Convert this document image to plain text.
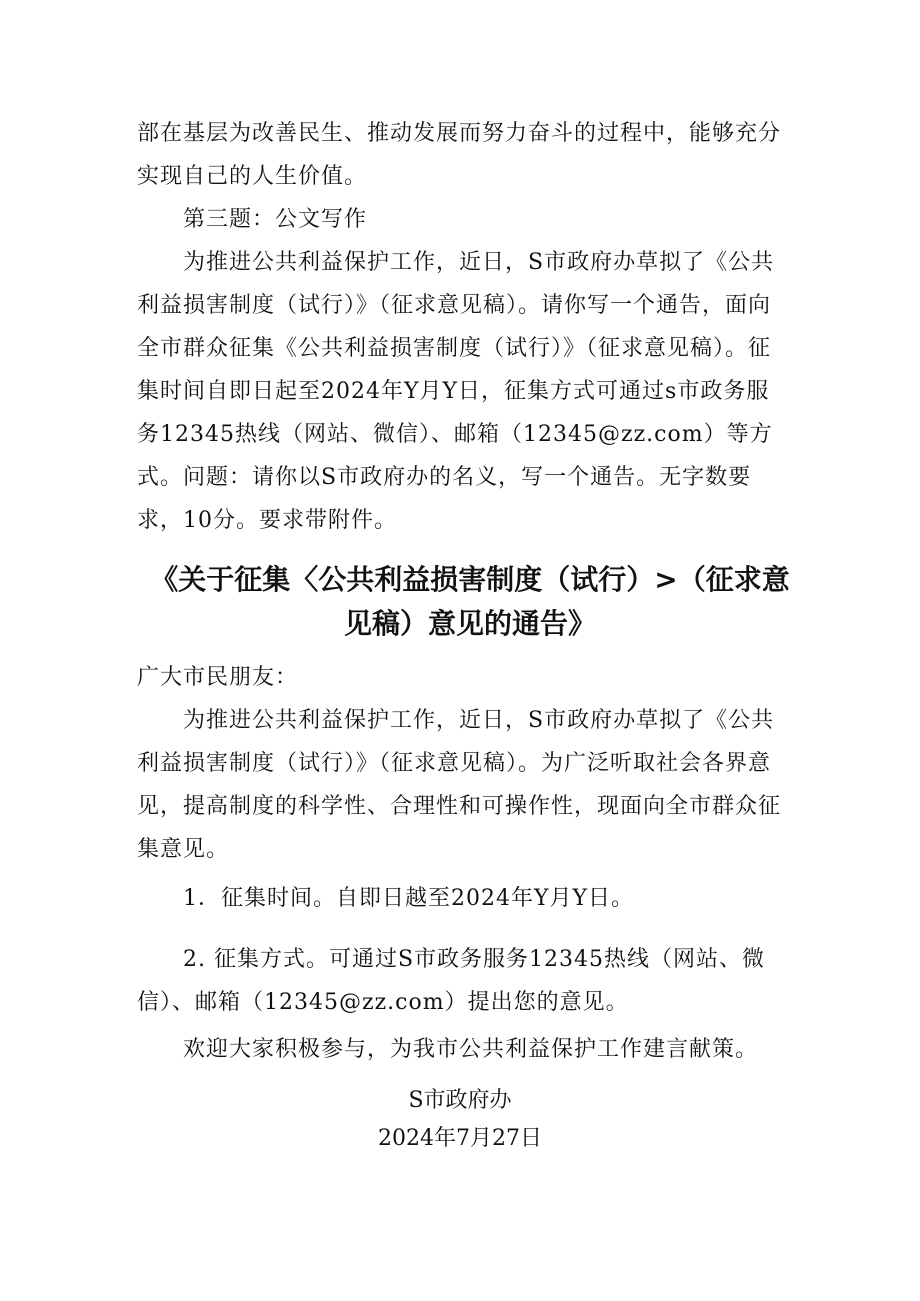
部在基层为改善民生、推动发展而努力奋斗的过程中，能够充分实现自己的人生价值。

第三题：公文写作

为推进公共利益保护工作，近日，S市政府办草拟了《公共利益损害制度（试行）》（征求意见稿）。请你写一个通告，面向全市群众征集《公共利益损害制度（试行）》（征求意见稿）。征集时间自即日起至2024年Y月Y日，征集方式可通过s市政务服务12345热线（网站、微信）、邮箱（12345@zz.com）等方式。 问题：请你以S市政府办的名义，写一个通告。无字数要求，10分。要求带附件。

《关于征集〈公共利益损害制度（试行）>（征求意见稿）意见的通告》

广大市民朋友：

为推进公共利益保护工作，近日，S市政府办草拟了《公共利益损害制度（试行）》（征求意见稿）。为广泛听取社会各界意见，提高制度的科学性、合理性和可操作性，现面向全市群众征集意见。

1．征集时间。自即日越至2024年Y月Y日。

2. 征集方式。可通过S市政务服务12345热线（网站、微信）、邮箱（12345@zz.com）提出您的意见。

欢迎大家积极参与，为我市公共利益保护工作建言献策。

S市政府办

2024年7月27日
